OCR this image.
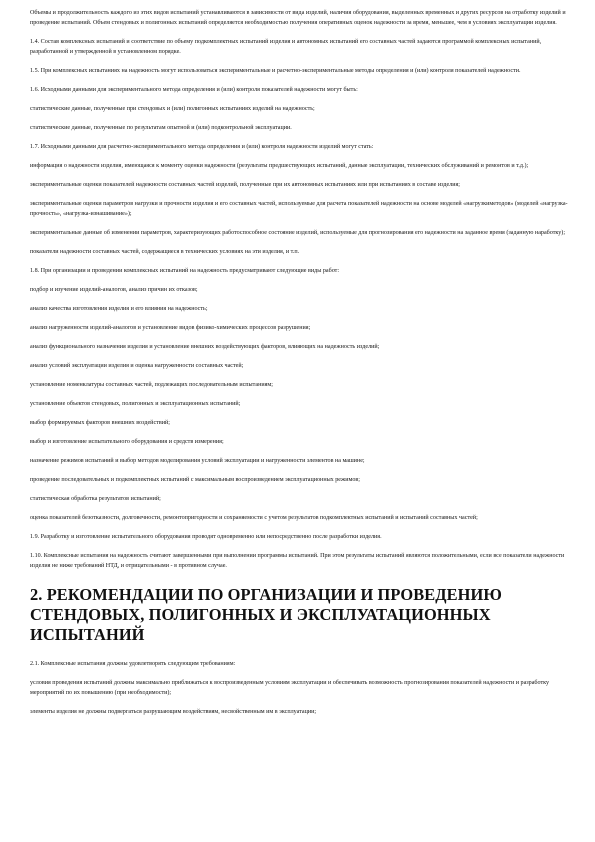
Объемы и продолжительность каждого из этих видов испытаний устанавливаются в зависимости от вида изделий, наличия оборудования, выделенных временных и других ресурсов на отработку изделий и проведение испытаний. Объем стендовых и полигонных испытаний определяется необходимостью получения оперативных оценок надежности за время, меньшее, чем в условиях эксплуатации изделия.

1.4. Состав комплексных испытаний и соответствие по объему подкомплектных испытаний изделия и автономных испытаний его составных частей задаются программой комплексных испытаний, разработанной и утвержденной в установленном порядке.

1.5. При комплексных испытаниях на надежность могут использоваться экспериментальные и расчетно-экспериментальные методы определения и (или) контроля показателей надежности.

1.6. Исходными данными для экспериментального метода определения и (или) контроля показателей надежности могут быть:

статистические данные, полученные при стендовых и (или) полигонных испытаниях изделий на надежность;

статистические данные, полученные по результатам опытной и (или) подконтрольной эксплуатации.

1.7. Исходными данными для расчетно-экспериментального метода определения и (или) контроля надежности изделий могут стать:

информация о надежности изделия, имеющаяся к моменту оценки надежности (результаты предшествующих испытаний, данные эксплуатации, технических обслуживаний и ремонтов и т.д.);

экспериментальные оценки показателей надежности составных частей изделий, полученные при их автономных испытаниях или при испытаниях в составе изделия;

экспериментальные оценки параметров нагрузки и прочности изделия и его составных частей, используемые для расчета показателей надежности на основе моделей «нагрузкиметодов» (моделей «нагрузка-прочность», «нагрузка-изнашивание»);

экспериментальные данные об изменении параметров, характеризующих работоспособное состояние изделий, используемые для прогнозирования его надежности на заданное время (заданную наработку);

показатели надежности составных частей, содержащиеся в технических условиях на эти изделия, и т.п.

1.8. При организации и проведении комплексных испытаний на надежность предусматривают следующие виды работ:

подбор и изучение изделий-аналогов, анализ причин их отказов;

анализ качества изготовления изделия и его влияния на надежность;

анализ нагруженности изделий-аналогов и установление видов физико-химических процессов разрушения;

анализ функционального назначения изделия и установление внешних воздействующих факторов, влияющих на надежность изделий;

анализ условий эксплуатации изделия и оценка нагруженности составных частей;

установление номенклатуры составных частей, подлежащих последовательным испытаниям;

установление объектов стендовых, полигонных и эксплуатационных испытаний;

выбор формируемых факторов внешних воздействий;

выбор и изготовление испытательного оборудования и средств измерения;

назначение режимов испытаний и выбор методов моделирования условий эксплуатации и нагруженности элементов на машине;

проведение последовательных и подкомплектных испытаний с максимальным воспроизведением эксплуатационных режимов;

статистическая обработка результатов испытаний;

оценка показателей безотказности, долговечности, ремонтопригодности и сохраняемости с учетом результатов подкомплектных испытаний и испытаний составных частей;

1.9. Разработку и изготовление испытательного оборудования проводят одновременно или непосредственно после разработки изделия.

1.10. Комплексные испытания на надежность считают завершенными при выполнении программы испытаний. При этом результаты испытаний являются положительными, если все показатели надежности изделия не ниже требований НТД, и отрицательными - в противном случае.

2. РЕКОМЕНДАЦИИ ПО ОРГАНИЗАЦИИ И ПРОВЕДЕНИЮ СТЕНДОВЫХ, ПОЛИГОННЫХ И ЭКСПЛУАТАЦИОННЫХ ИСПЫТАНИЙ

2.1. Комплексные испытания должны удовлетворять следующим требованиям:

условия проведения испытаний должны максимально приближаться к воспроизведенным условиям эксплуатации и обеспечивать возможность прогнозирования показателей надежности и разработку мероприятий по их повышению (при необходимости);

элементы изделия не должны подвергаться разрушающим воздействиям, несвойственным им в эксплуатации;
